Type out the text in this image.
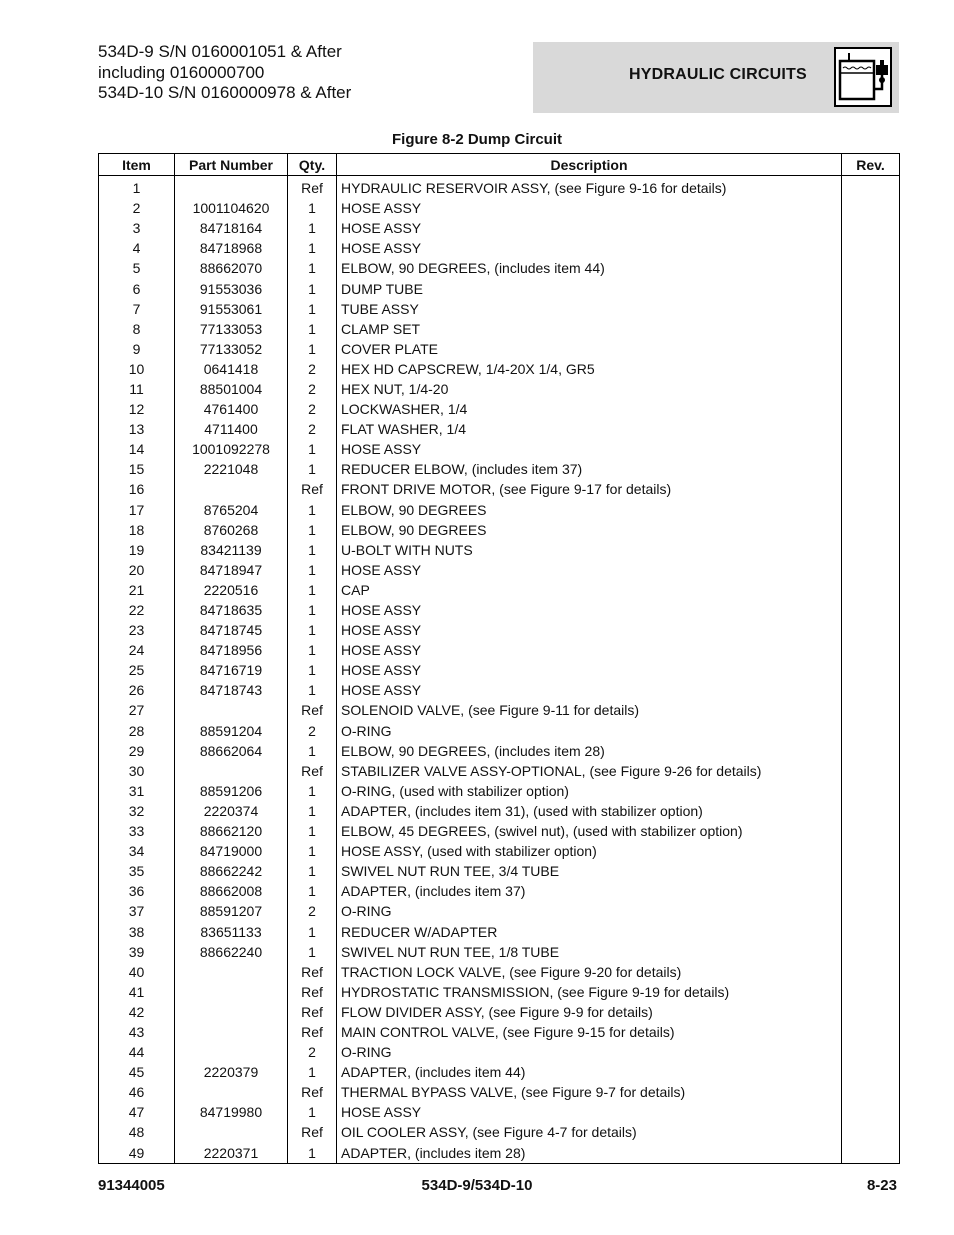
534D-9 S/N 0160001051 & After
including 0160000700
534D-10 S/N 0160000978 & After
HYDRAULIC CIRCUITS
Figure 8-2 Dump Circuit
Item	Part Number	Qty.	Description	Rev.
1		Ref	HYDRAULIC RESERVOIR ASSY, (see Figure 9-16 for details)	
2	1001104620	1	HOSE ASSY	
3	84718164	1	HOSE ASSY	
4	84718968	1	HOSE ASSY	
5	88662070	1	ELBOW, 90 DEGREES, (includes item 44)	
6	91553036	1	DUMP TUBE	
7	91553061	1	TUBE ASSY	
8	77133053	1	CLAMP SET	
9	77133052	1	COVER PLATE	
10	0641418	2	HEX HD CAPSCREW, 1/4-20X 1/4, GR5	
11	88501004	2	HEX NUT, 1/4-20	
12	4761400	2	LOCKWASHER, 1/4	
13	4711400	2	FLAT WASHER, 1/4	
14	1001092278	1	HOSE ASSY	
15	2221048	1	REDUCER ELBOW, (includes item 37)	
16		Ref	FRONT DRIVE MOTOR, (see Figure 9-17 for details)	
17	8765204	1	ELBOW, 90 DEGREES	
18	8760268	1	ELBOW, 90 DEGREES	
19	83421139	1	U-BOLT WITH NUTS	
20	84718947	1	HOSE ASSY	
21	2220516	1	CAP	
22	84718635	1	HOSE ASSY	
23	84718745	1	HOSE ASSY	
24	84718956	1	HOSE ASSY	
25	84716719	1	HOSE ASSY	
26	84718743	1	HOSE ASSY	
27		Ref	SOLENOID VALVE, (see Figure 9-11 for details)	
28	88591204	2	O-RING	
29	88662064	1	ELBOW, 90 DEGREES, (includes item 28)	
30		Ref	STABILIZER VALVE ASSY-OPTIONAL, (see Figure 9-26 for details)	
31	88591206	1	O-RING, (used with stabilizer option)	
32	2220374	1	ADAPTER, (includes item 31), (used with stabilizer option)	
33	88662120	1	ELBOW, 45 DEGREES, (swivel nut), (used with stabilizer option)	
34	84719000	1	HOSE ASSY, (used with stabilizer option)	
35	88662242	1	SWIVEL NUT RUN TEE, 3/4 TUBE	
36	88662008	1	ADAPTER, (includes item 37)	
37	88591207	2	O-RING	
38	83651133	1	REDUCER W/ADAPTER	
39	88662240	1	SWIVEL NUT RUN TEE, 1/8 TUBE	
40		Ref	TRACTION LOCK VALVE, (see Figure 9-20 for details)	
41		Ref	HYDROSTATIC TRANSMISSION, (see Figure 9-19 for details)	
42		Ref	FLOW DIVIDER ASSY, (see Figure 9-9 for details)	
43		Ref	MAIN CONTROL VALVE, (see Figure 9-15 for details)	
44		2	O-RING	
45	2220379	1	ADAPTER, (includes item 44)	
46		Ref	THERMAL BYPASS VALVE, (see Figure 9-7 for details)	
47	84719980	1	HOSE ASSY	
48		Ref	OIL COOLER ASSY, (see Figure 4-7 for details)	
49	2220371	1	ADAPTER, (includes item 28)	
91344005	534D-9/534D-10	8-23
